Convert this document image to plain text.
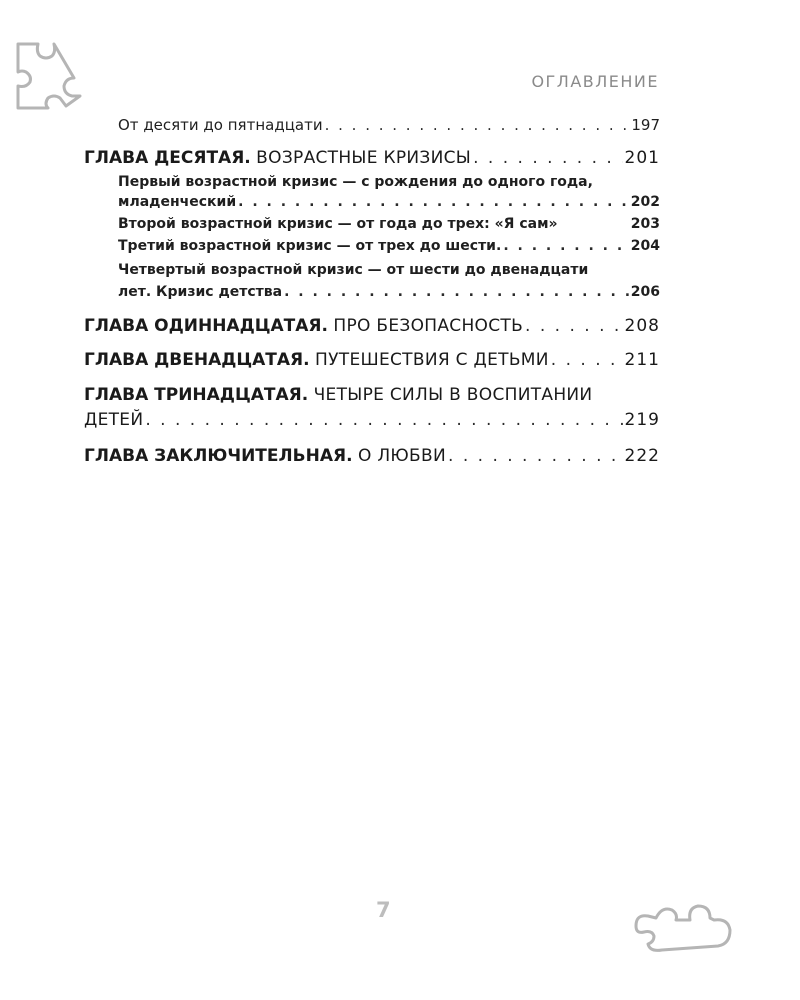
ОГЛАВЛЕНИЕ
От десяти до пятнадцати . . .	197
ГЛАВА ДЕСЯТАЯ. ВОЗРАСТНЫЕ КРИЗИСЫ . . .	201
Первый возрастной кризис — с рождения до одного года,
младенческий . . .	202
Второй возрастной кризис — от года до трех: «Я сам»	203
Третий возрастной кризис — от трех до шести. . . .	204
Четвертый возрастной кризис — от шести до двенадцати
лет. Кризис детства . . .	206
ГЛАВА ОДИННАДЦАТАЯ. ПРО БЕЗОПАСНОСТЬ . . .	208
ГЛАВА ДВЕНАДЦАТАЯ. ПУТЕШЕСТВИЯ С ДЕТЬМИ . . .	211
ГЛАВА ТРИНАДЦАТАЯ. ЧЕТЫРЕ СИЛЫ В ВОСПИТАНИИ
ДЕТЕЙ . . .	219
ГЛАВА ЗАКЛЮЧИТЕЛЬНАЯ. О ЛЮБВИ . . .	222
7
